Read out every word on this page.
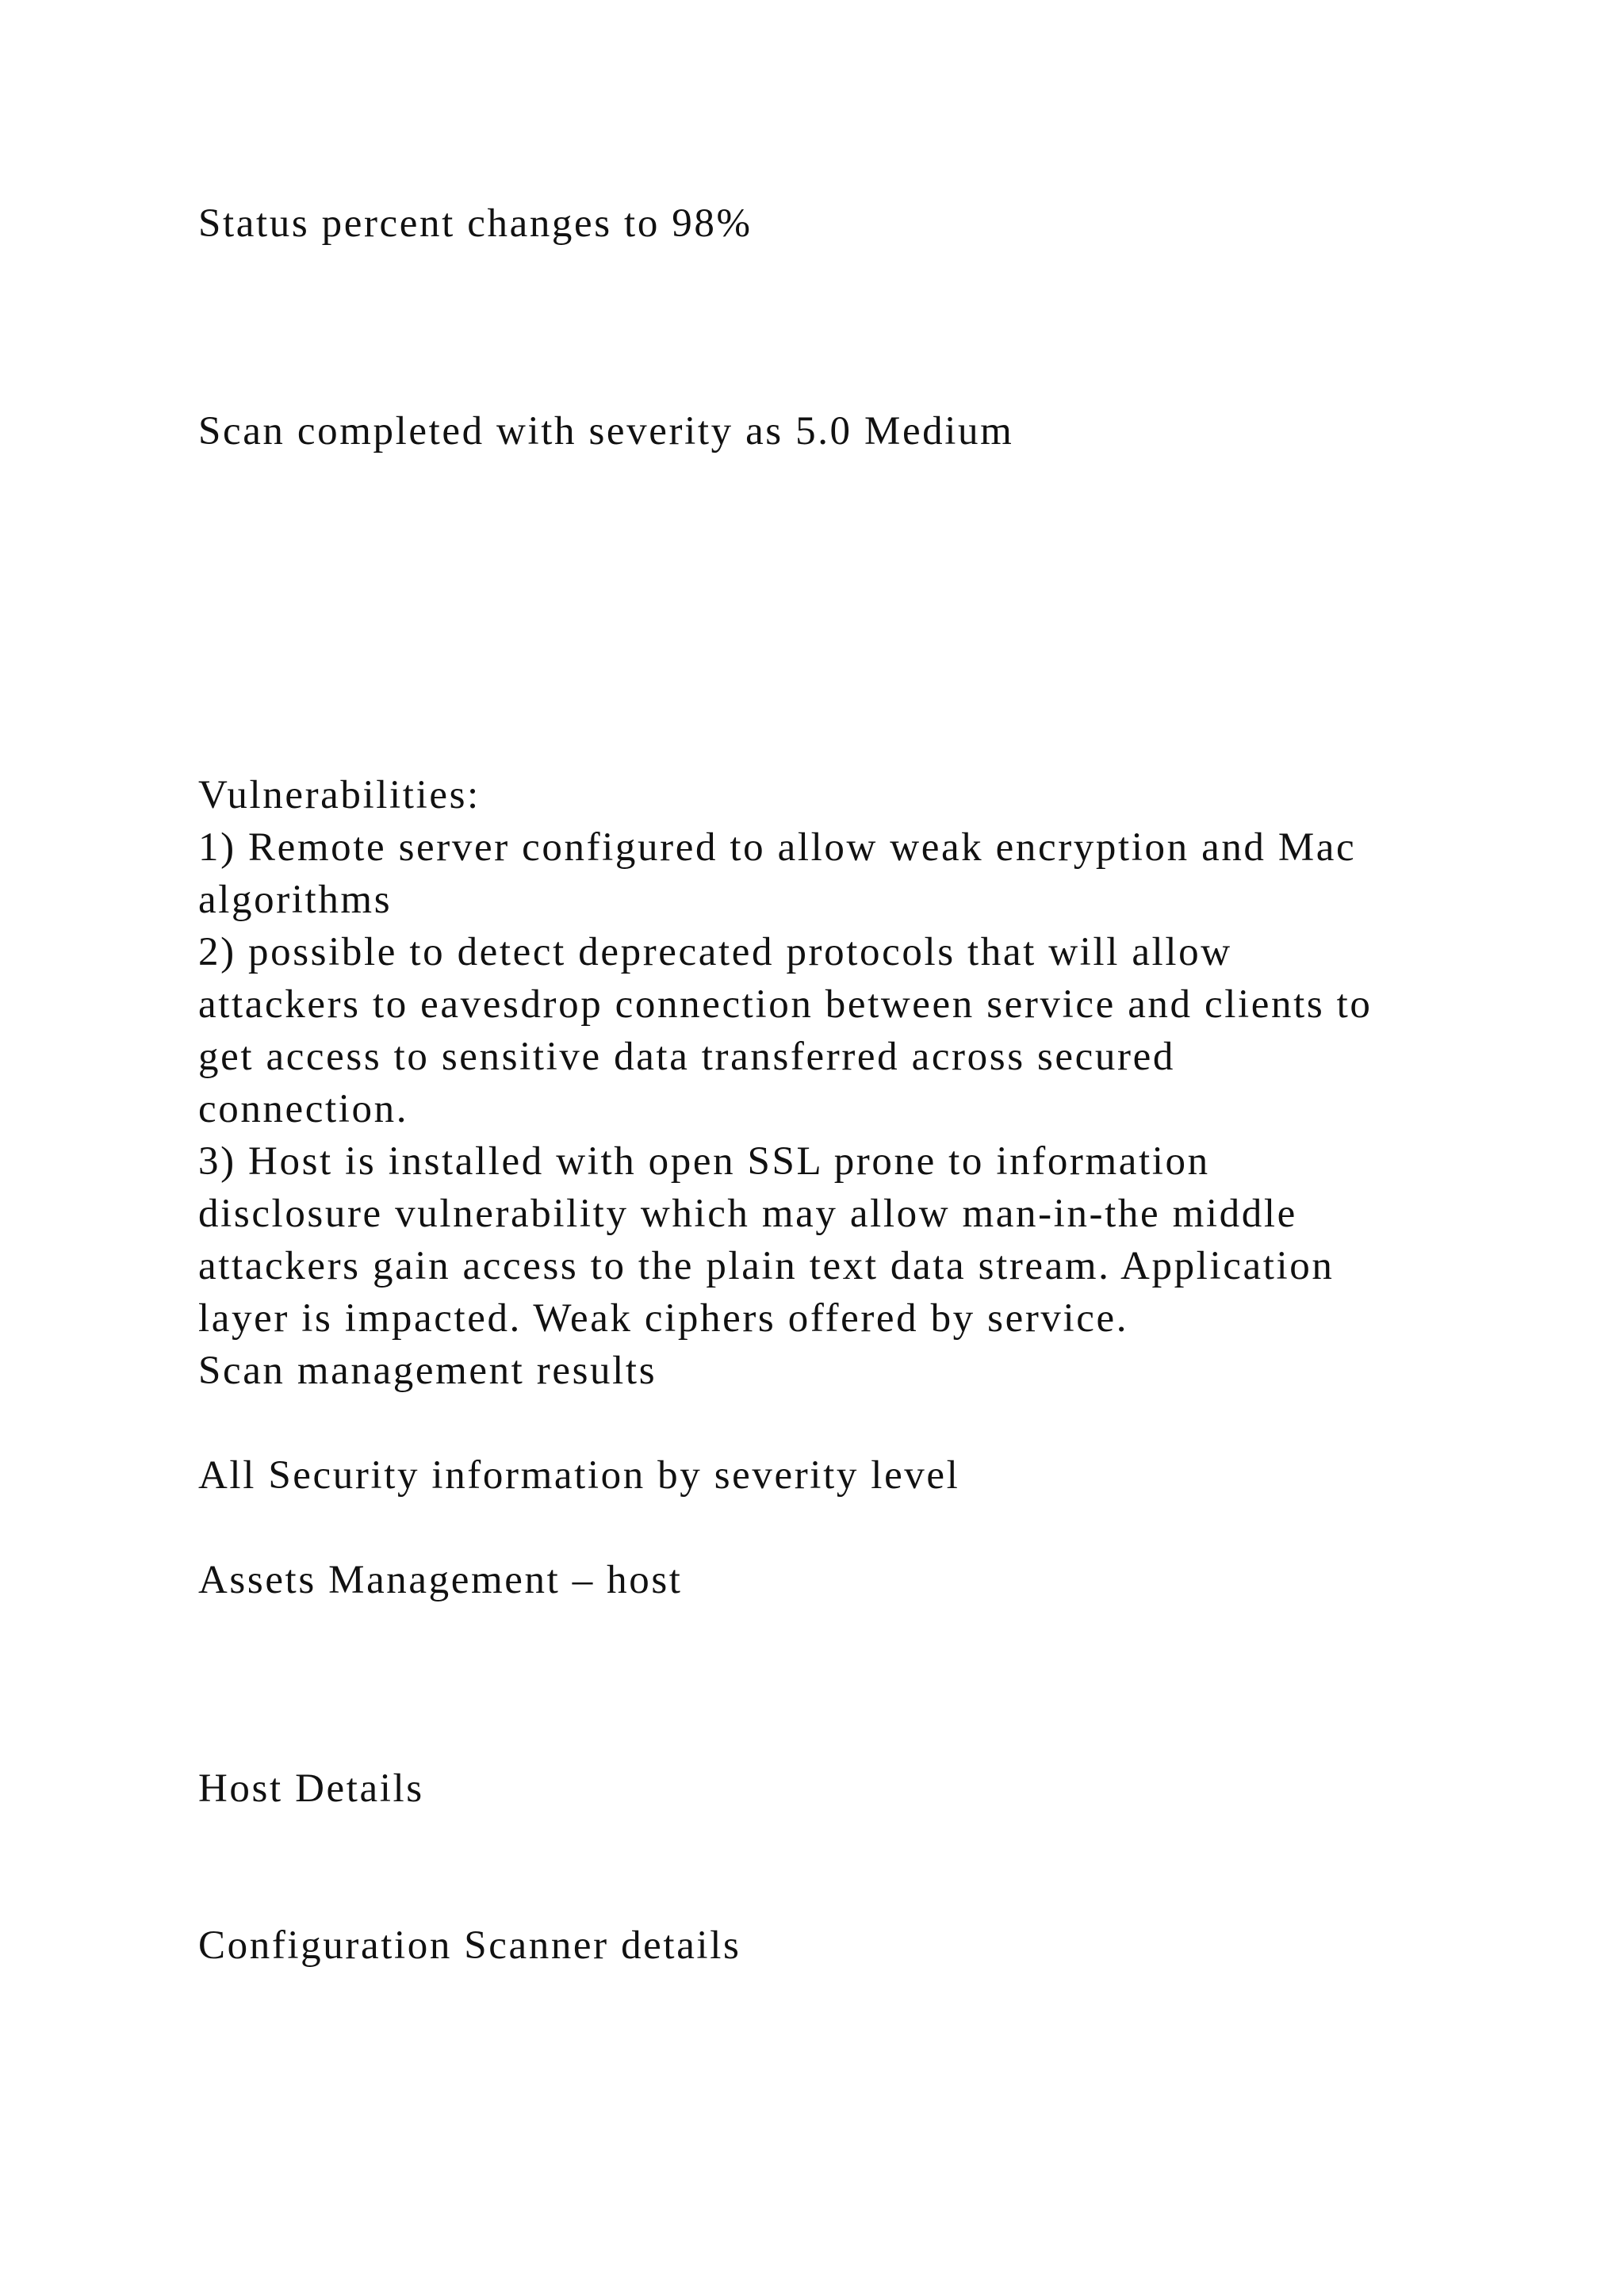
Status percent changes to 98%

Scan completed with severity as 5.0 Medium

Vulnerabilities:

1) Remote server configured to allow weak encryption and Mac

algorithms

2) possible to detect deprecated protocols that will allow

attackers to eavesdrop connection between service and clients to

get access to sensitive data transferred across secured

connection.

3) Host is installed with open SSL prone to information

disclosure vulnerability which may allow man-in-the middle

attackers gain access to the plain text data stream. Application

layer is impacted. Weak ciphers offered by service.

Scan management results

All Security information by severity level

Assets Management – host

Host Details

Configuration Scanner details
